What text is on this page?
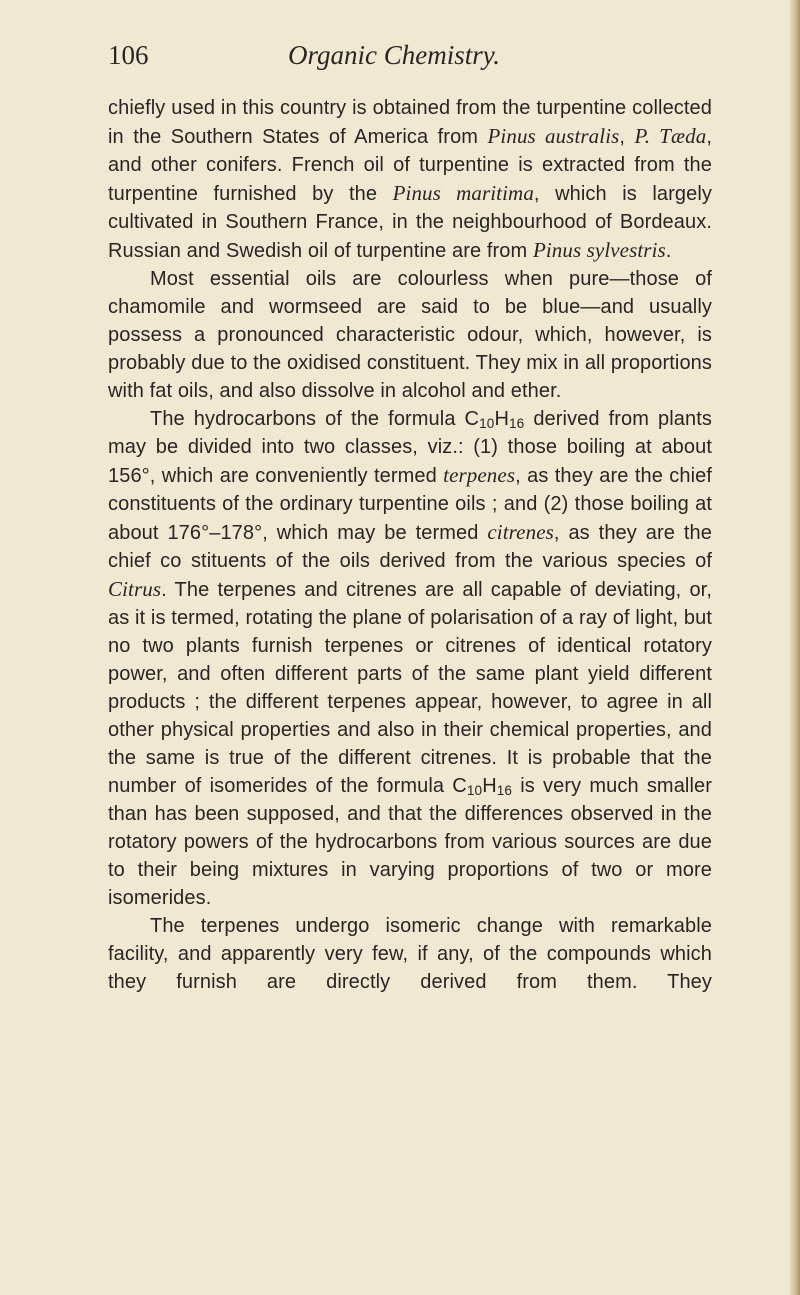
106	Organic Chemistry.

chiefly used in this country is obtained from the turpentine collected in the Southern States of America from Pinus australis, P. Tæda, and other conifers. French oil of turpentine is extracted from the turpentine furnished by the Pinus maritima, which is largely cultivated in Southern France, in the neighbourhood of Bordeaux. Russian and Swedish oil of turpentine are from Pinus sylvestris.

Most essential oils are colourless when pure—those of chamomile and wormseed are said to be blue—and usually possess a pronounced characteristic odour, which, however, is probably due to the oxidised constituent. They mix in all proportions with fat oils, and also dissolve in alcohol and ether.

The hydrocarbons of the formula $C_{10}H_{16}$ derived from plants may be divided into two classes, viz.: (1) those boiling at about 156°, which are conveniently termed terpenes, as they are the chief constituents of the ordinary turpentine oils ; and (2) those boiling at about 176°–178°, which may be termed citrenes, as they are the chief co stituents of the oils derived from the various species of Citrus. The terpenes and citrenes are all capable of deviating, or, as it is termed, rotating the plane of polarisation of a ray of light, but no two plants furnish terpenes or citrenes of identical rotatory power, and often different parts of the same plant yield different products ; the different terpenes appear, however, to agree in all other physical properties and also in their chemical properties, and the same is true of the different citrenes. It is probable that the number of isomerides of the formula $C_{10}H_{16}$ is very much smaller than has been supposed, and that the differences observed in the rotatory powers of the hydrocarbons from various sources are due to their being mixtures in varying proportions of two or more isomerides.

The terpenes undergo isomeric change with remarkable facility, and apparently very few, if any, of the compounds which they furnish are directly derived from them. They
